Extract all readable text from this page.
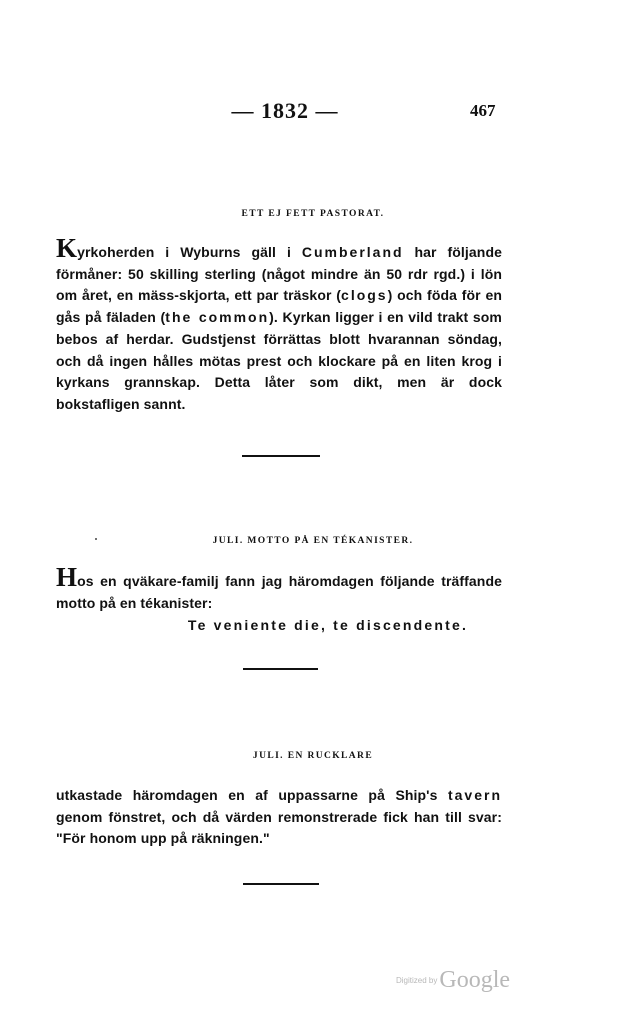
— 1832 —	467
ETT EJ FETT PASTORAT.
Kyrkoherden i Wyburns gäll i Cumberland har följande förmåner: 50 skilling sterling (något mindre än 50 rdr rgd.) i lön om året, en mäss-skjorta, ett par träskor (clogs) och föda för en gås på fäladen (the common). Kyrkan ligger i en vild trakt som bebos af herdar. Gudstjenst förrättas blott hvarannan söndag, och då ingen hålles mötas prest och klockare på en liten krog i kyrkans grannskap. Detta låter som dikt, men är dock bokstafligen sannt.
JULI. MOTTO PÅ EN TÉKANISTER.
Hos en qväkare-familj fann jag häromdagen följande träffande motto på en tékanister:
Te veniente die, te discendente.
JULI. EN RUCKLARE
utkastade häromdagen en af uppassarne på Ship's tavern genom fönstret, och då värden remonstrerade fick han till svar: "För honom upp på räkningen."
$^{Digitized by}$Google
